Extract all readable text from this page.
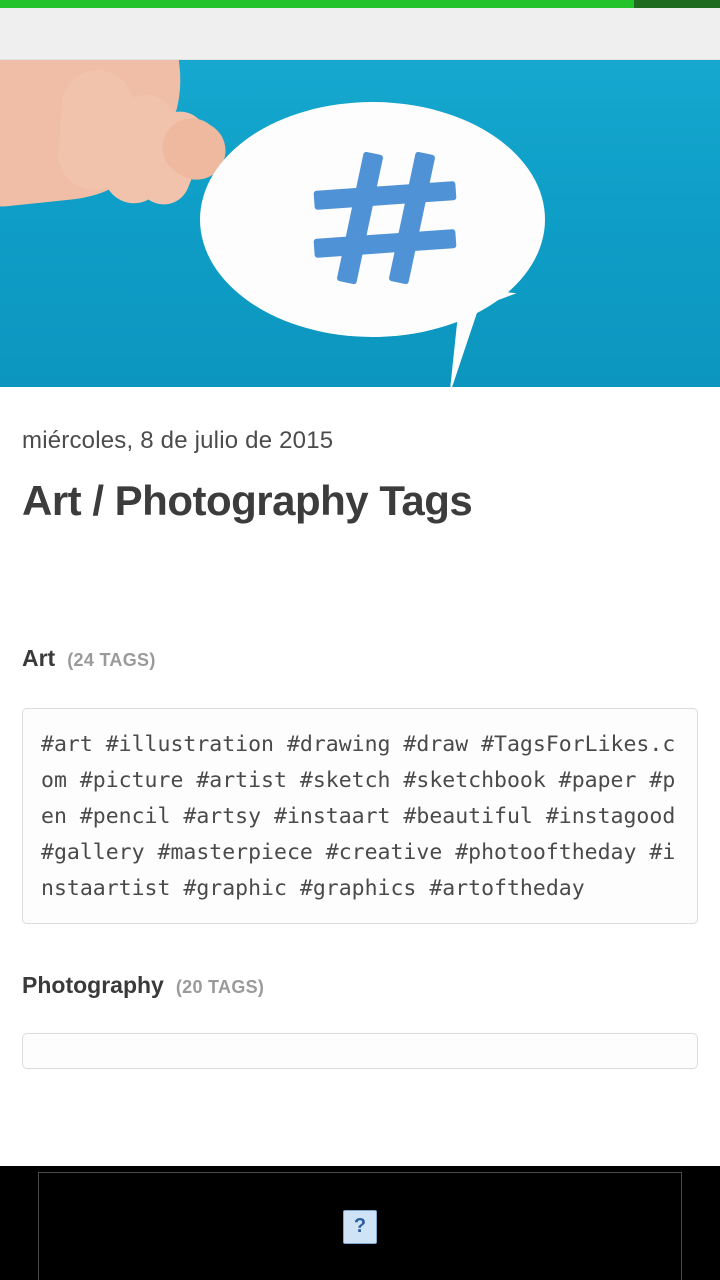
miércoles, 8 de julio de 2015
Art / Photography Tags
Art (24 TAGS)
#art #illustration #drawing #draw #TagsForLikes.com #picture #artist #sketch #sketchbook #paper #pen #pencil #artsy #instaart #beautiful #instagood #gallery #masterpiece #creative #photooftheday #instaartist #graphic #graphics #artoftheday
Photography (20 TAGS)
?
